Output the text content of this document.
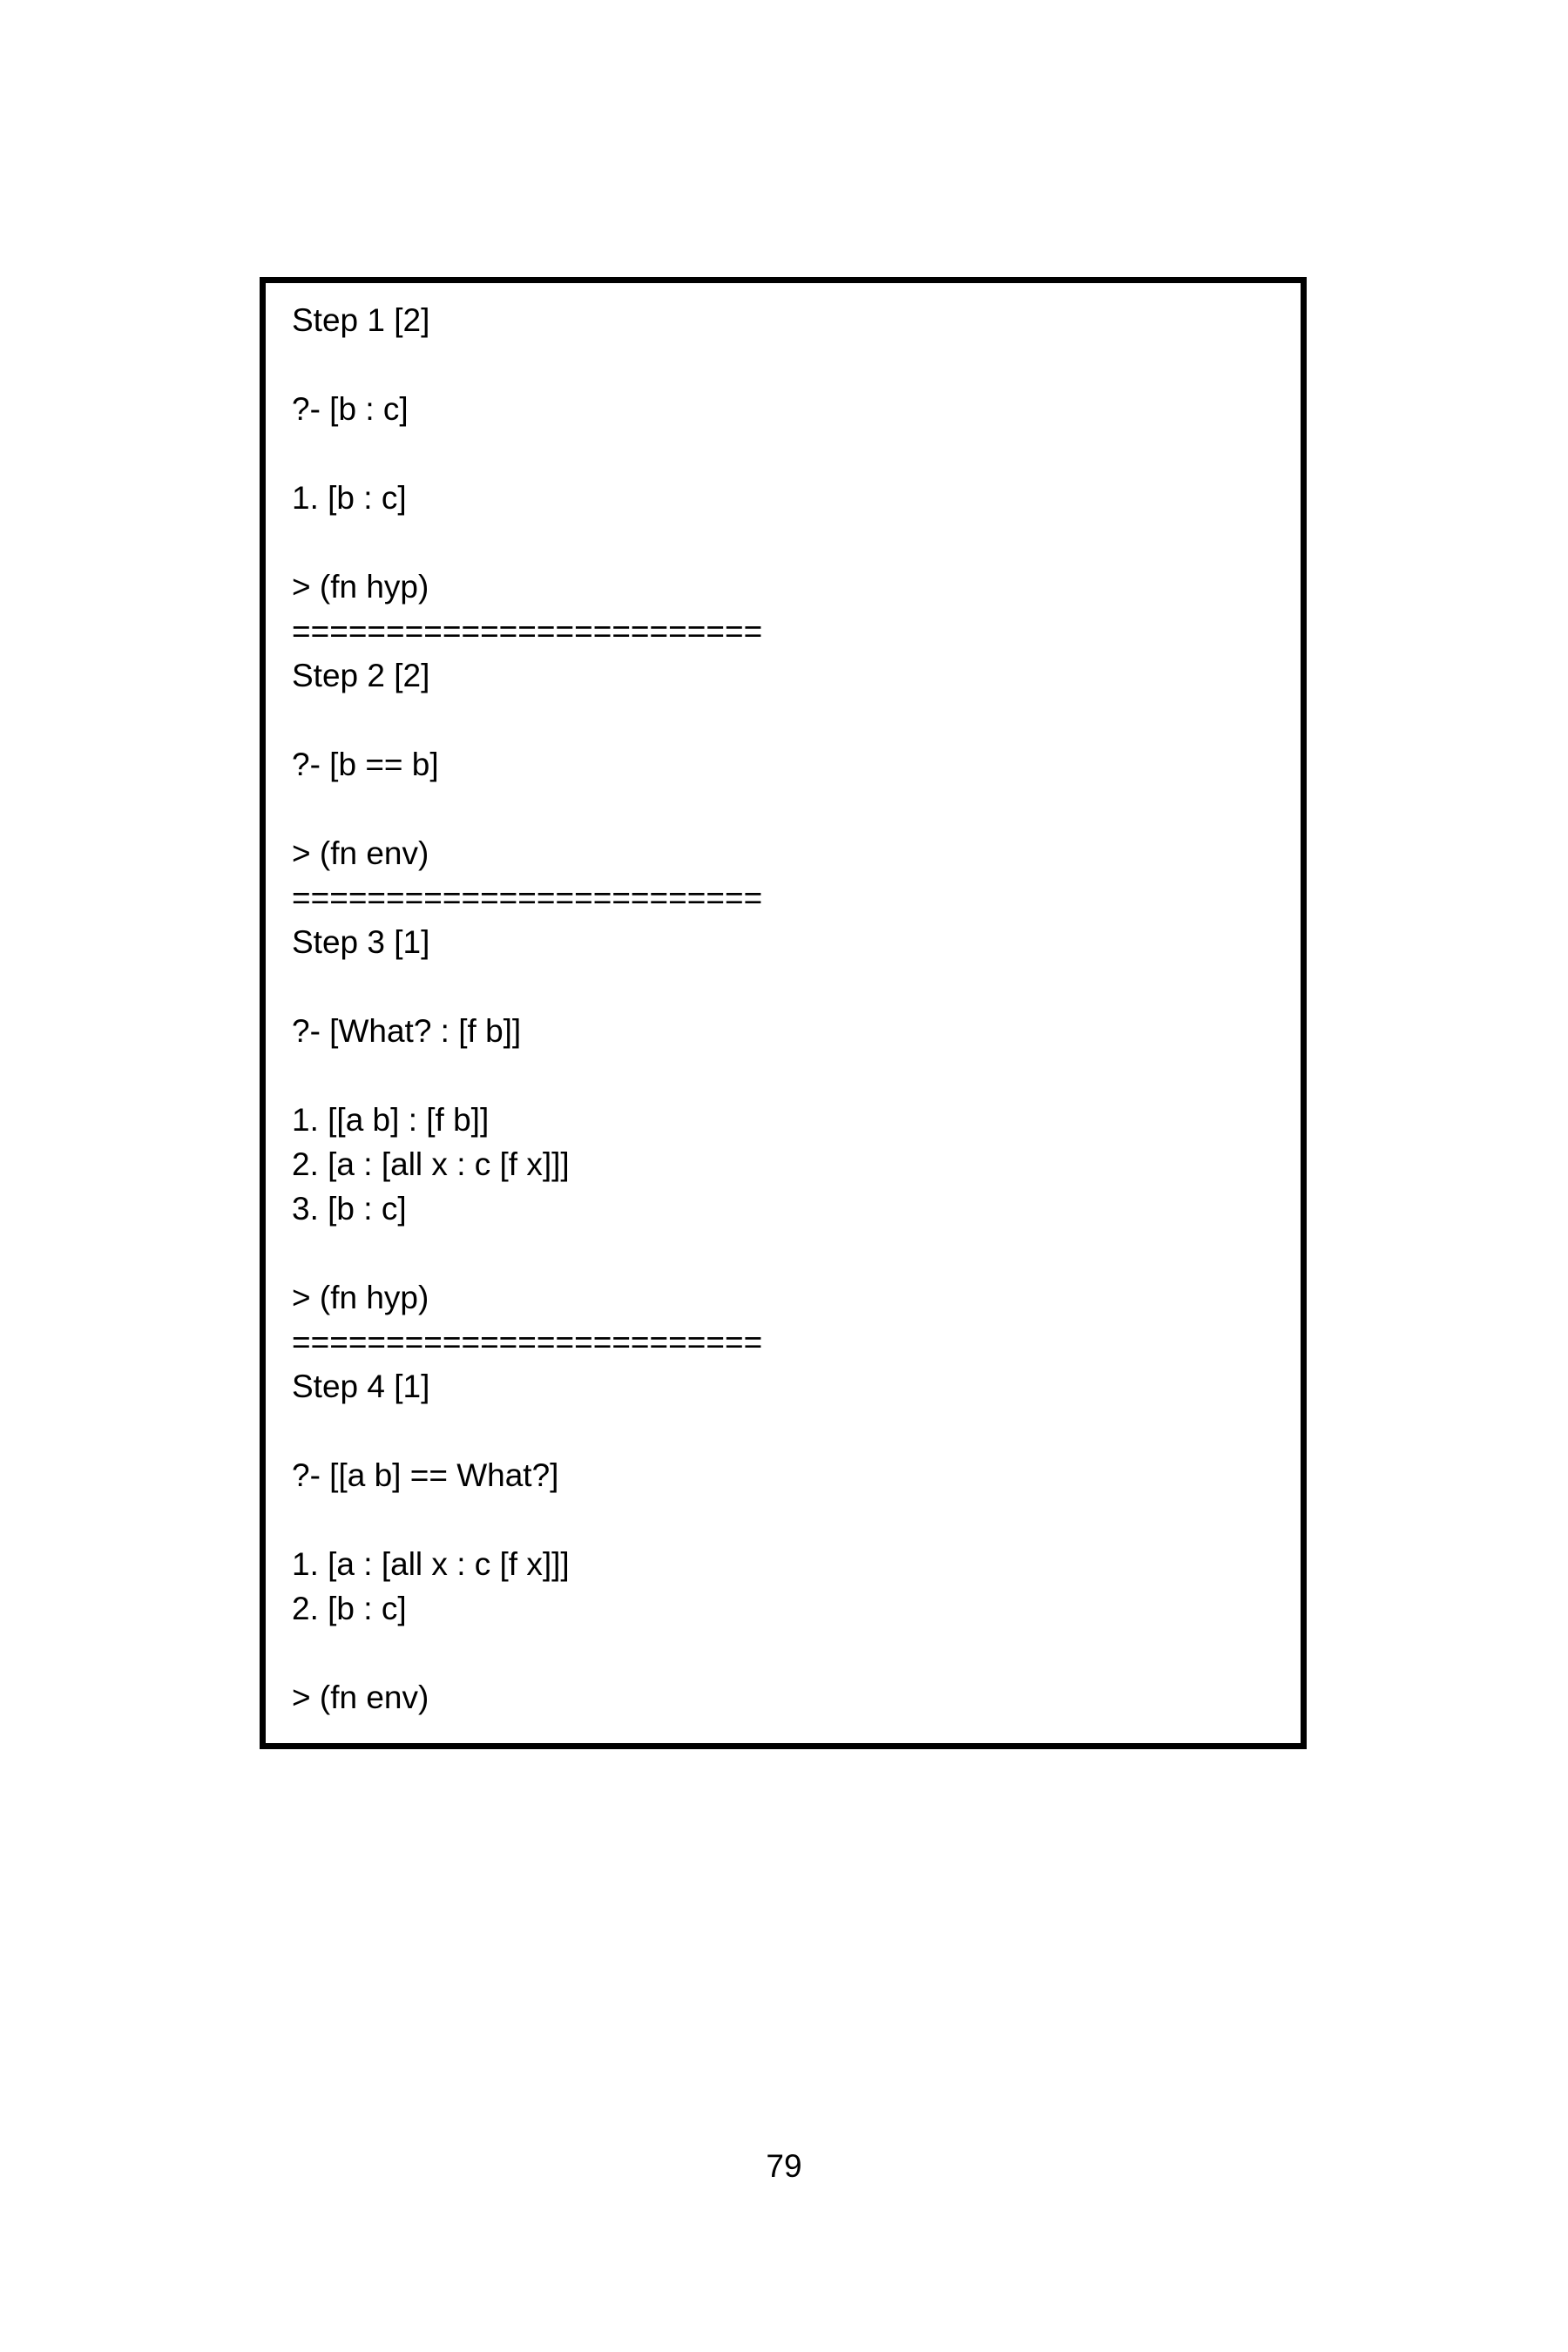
Step 1 [2]
?- [b : c]
1. [b : c]
> (fn hyp)
=========================
Step 2 [2]
?- [b == b]
> (fn env)
=========================
Step 3 [1]
?- [What? : [f b]]
1. [[a b] : [f b]]
2. [a : [all x : c [f x]]]
3. [b : c]
> (fn hyp)
=========================
Step 4 [1]
?- [[a b] == What?]
1. [a : [all x : c [f x]]]
2. [b : c]
> (fn env)
79
